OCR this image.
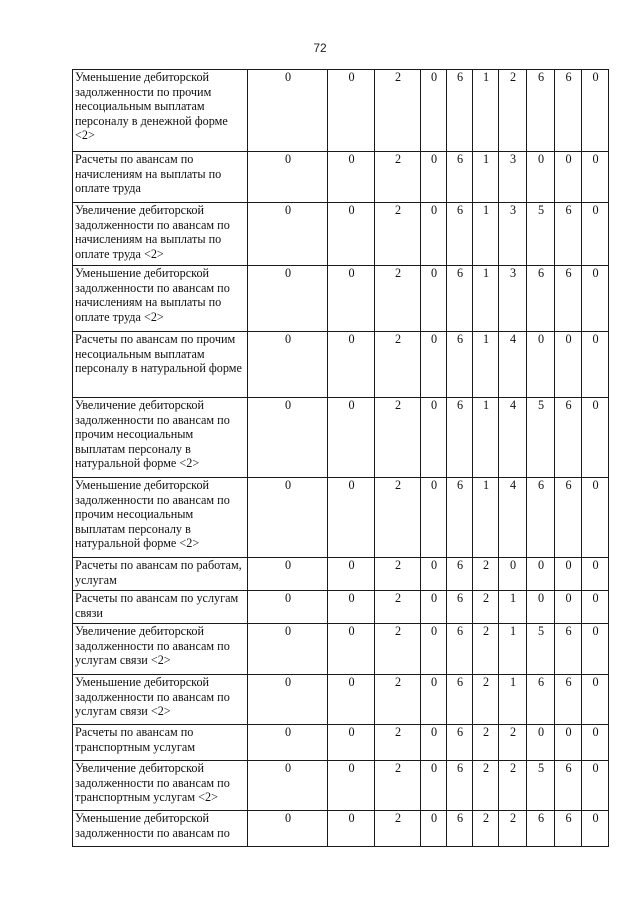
72
Уменьшение дебиторской задолженности по прочим несоциальным выплатам персоналу в денежной форме <2>	0	0	2	0	6	1	2	6	6	0
Расчеты по авансам по начислениям на выплаты по оплате труда	0	0	2	0	6	1	3	0	0	0
Увеличение дебиторской задолженности по авансам по начислениям на выплаты по оплате труда <2>	0	0	2	0	6	1	3	5	6	0
Уменьшение дебиторской задолженности по авансам по начислениям на выплаты по оплате труда <2>	0	0	2	0	6	1	3	6	6	0
Расчеты по авансам по прочим несоциальным выплатам персоналу в натуральной форме	0	0	2	0	6	1	4	0	0	0
Увеличение дебиторской задолженности по авансам по прочим несоциальным выплатам персоналу в натуральной форме <2>	0	0	2	0	6	1	4	5	6	0
Уменьшение дебиторской задолженности по авансам по прочим несоциальным выплатам персоналу в натуральной форме <2>	0	0	2	0	6	1	4	6	6	0
Расчеты по авансам по работам, услугам	0	0	2	0	6	2	0	0	0	0
Расчеты по авансам по услугам связи	0	0	2	0	6	2	1	0	0	0
Увеличение дебиторской задолженности по авансам по услугам связи <2>	0	0	2	0	6	2	1	5	6	0
Уменьшение дебиторской задолженности по авансам по услугам связи <2>	0	0	2	0	6	2	1	6	6	0
Расчеты по авансам по транспортным услугам	0	0	2	0	6	2	2	0	0	0
Увеличение дебиторской задолженности по авансам по транспортным услугам <2>	0	0	2	0	6	2	2	5	6	0
Уменьшение дебиторской задолженности по авансам по	0	0	2	0	6	2	2	6	6	0
